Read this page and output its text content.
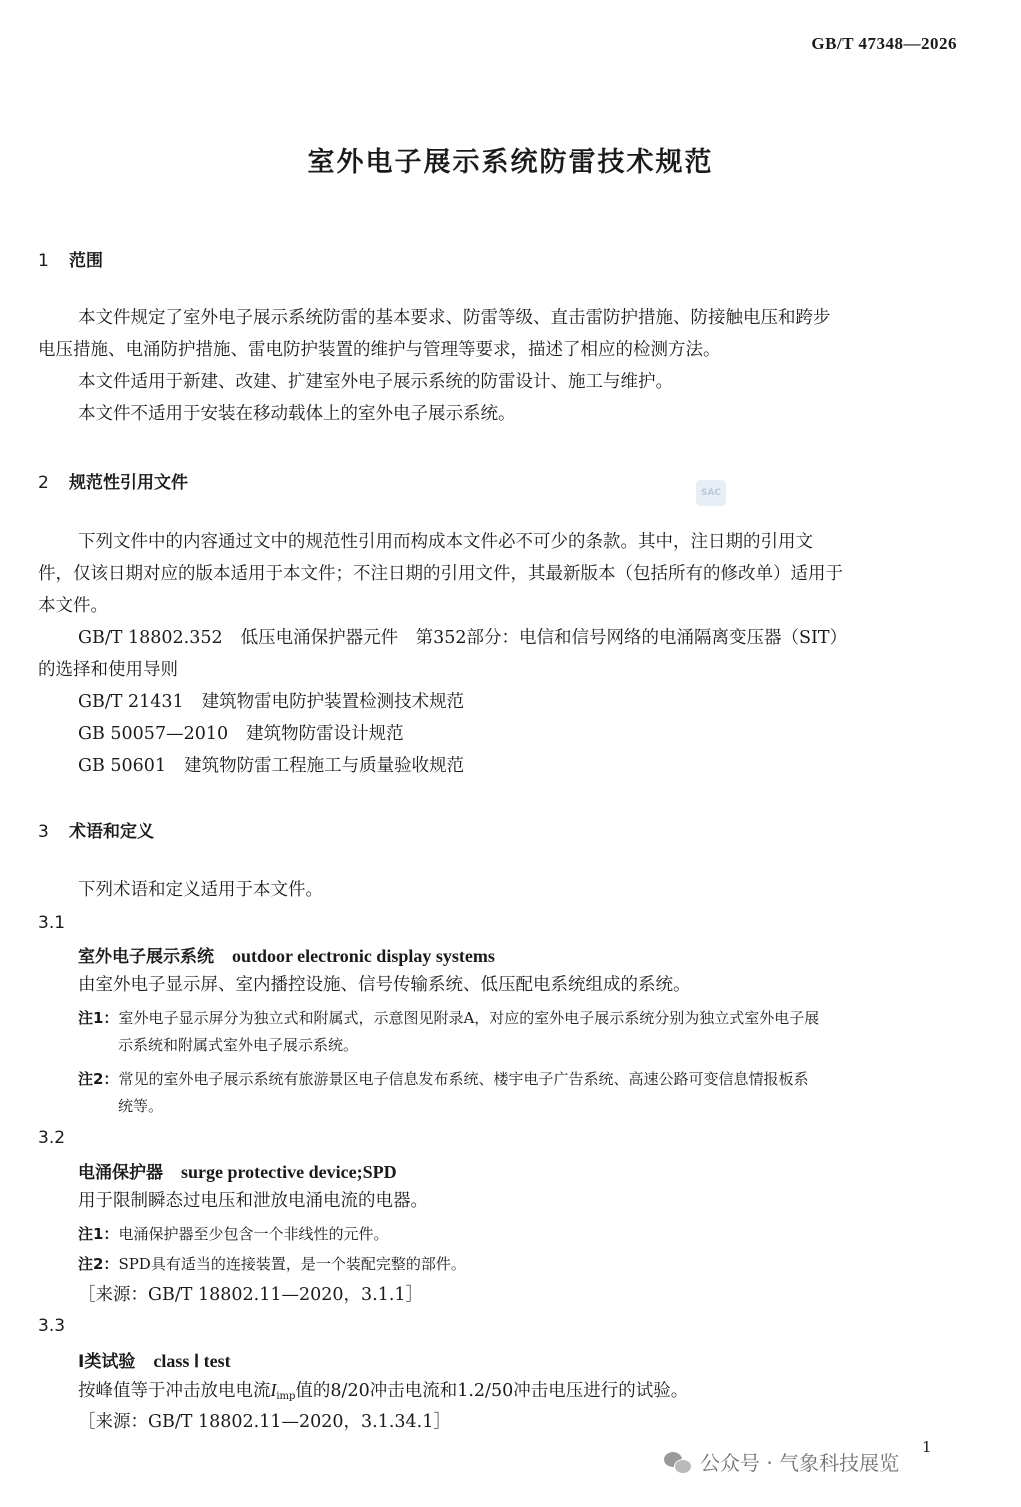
GB/T 47348—2026
室外电子展示系统防雷技术规范
1 范围
本文件规定了室外电子展示系统防雷的基本要求、防雷等级、直击雷防护措施、防接触电压和跨步
电压措施、电涌防护措施、雷电防护装置的维护与管理等要求，描述了相应的检测方法。
本文件适用于新建、改建、扩建室外电子展示系统的防雷设计、施工与维护。
本文件不适用于安装在移动载体上的室外电子展示系统。
2 规范性引用文件	SAC
下列文件中的内容通过文中的规范性引用而构成本文件必不可少的条款。其中，注日期的引用文
件，仅该日期对应的版本适用于本文件；不注日期的引用文件，其最新版本（包括所有的修改单）适用于
本文件。
GB/T 18802.352 低压电涌保护器元件　第352部分：电信和信号网络的电涌隔离变压器（SIT）
的选择和使用导则
GB/T 21431 建筑物雷电防护装置检测技术规范
GB 50057—2010 建筑物防雷设计规范
GB 50601 建筑物防雷工程施工与质量验收规范
3 术语和定义
下列术语和定义适用于本文件。
3.1
室外电子展示系统 outdoor electronic display systems
由室外电子显示屏、室内播控设施、信号传输系统、低压配电系统组成的系统。
注1：室外电子显示屏分为独立式和附属式，示意图见附录A，对应的室外电子展示系统分别为独立式室外电子展
示系统和附属式室外电子展示系统。
注2：常见的室外电子展示系统有旅游景区电子信息发布系统、楼宇电子广告系统、高速公路可变信息情报板系
统等。
3.2
电涌保护器 surge protective device;SPD
用于限制瞬态过电压和泄放电涌电流的电器。
注1：电涌保护器至少包含一个非线性的元件。
注2：SPD具有适当的连接装置，是一个装配完整的部件。
［来源：GB/T 18802.11—2020，3.1.1］
3.3
Ⅰ类试验 class Ⅰ test
按峰值等于冲击放电电流$I_{imp}$值的8/20冲击电流和1.2/50冲击电压进行的试验。
［来源：GB/T 18802.11—2020，3.1.34.1］
1
公众号 · 气象科技展览
